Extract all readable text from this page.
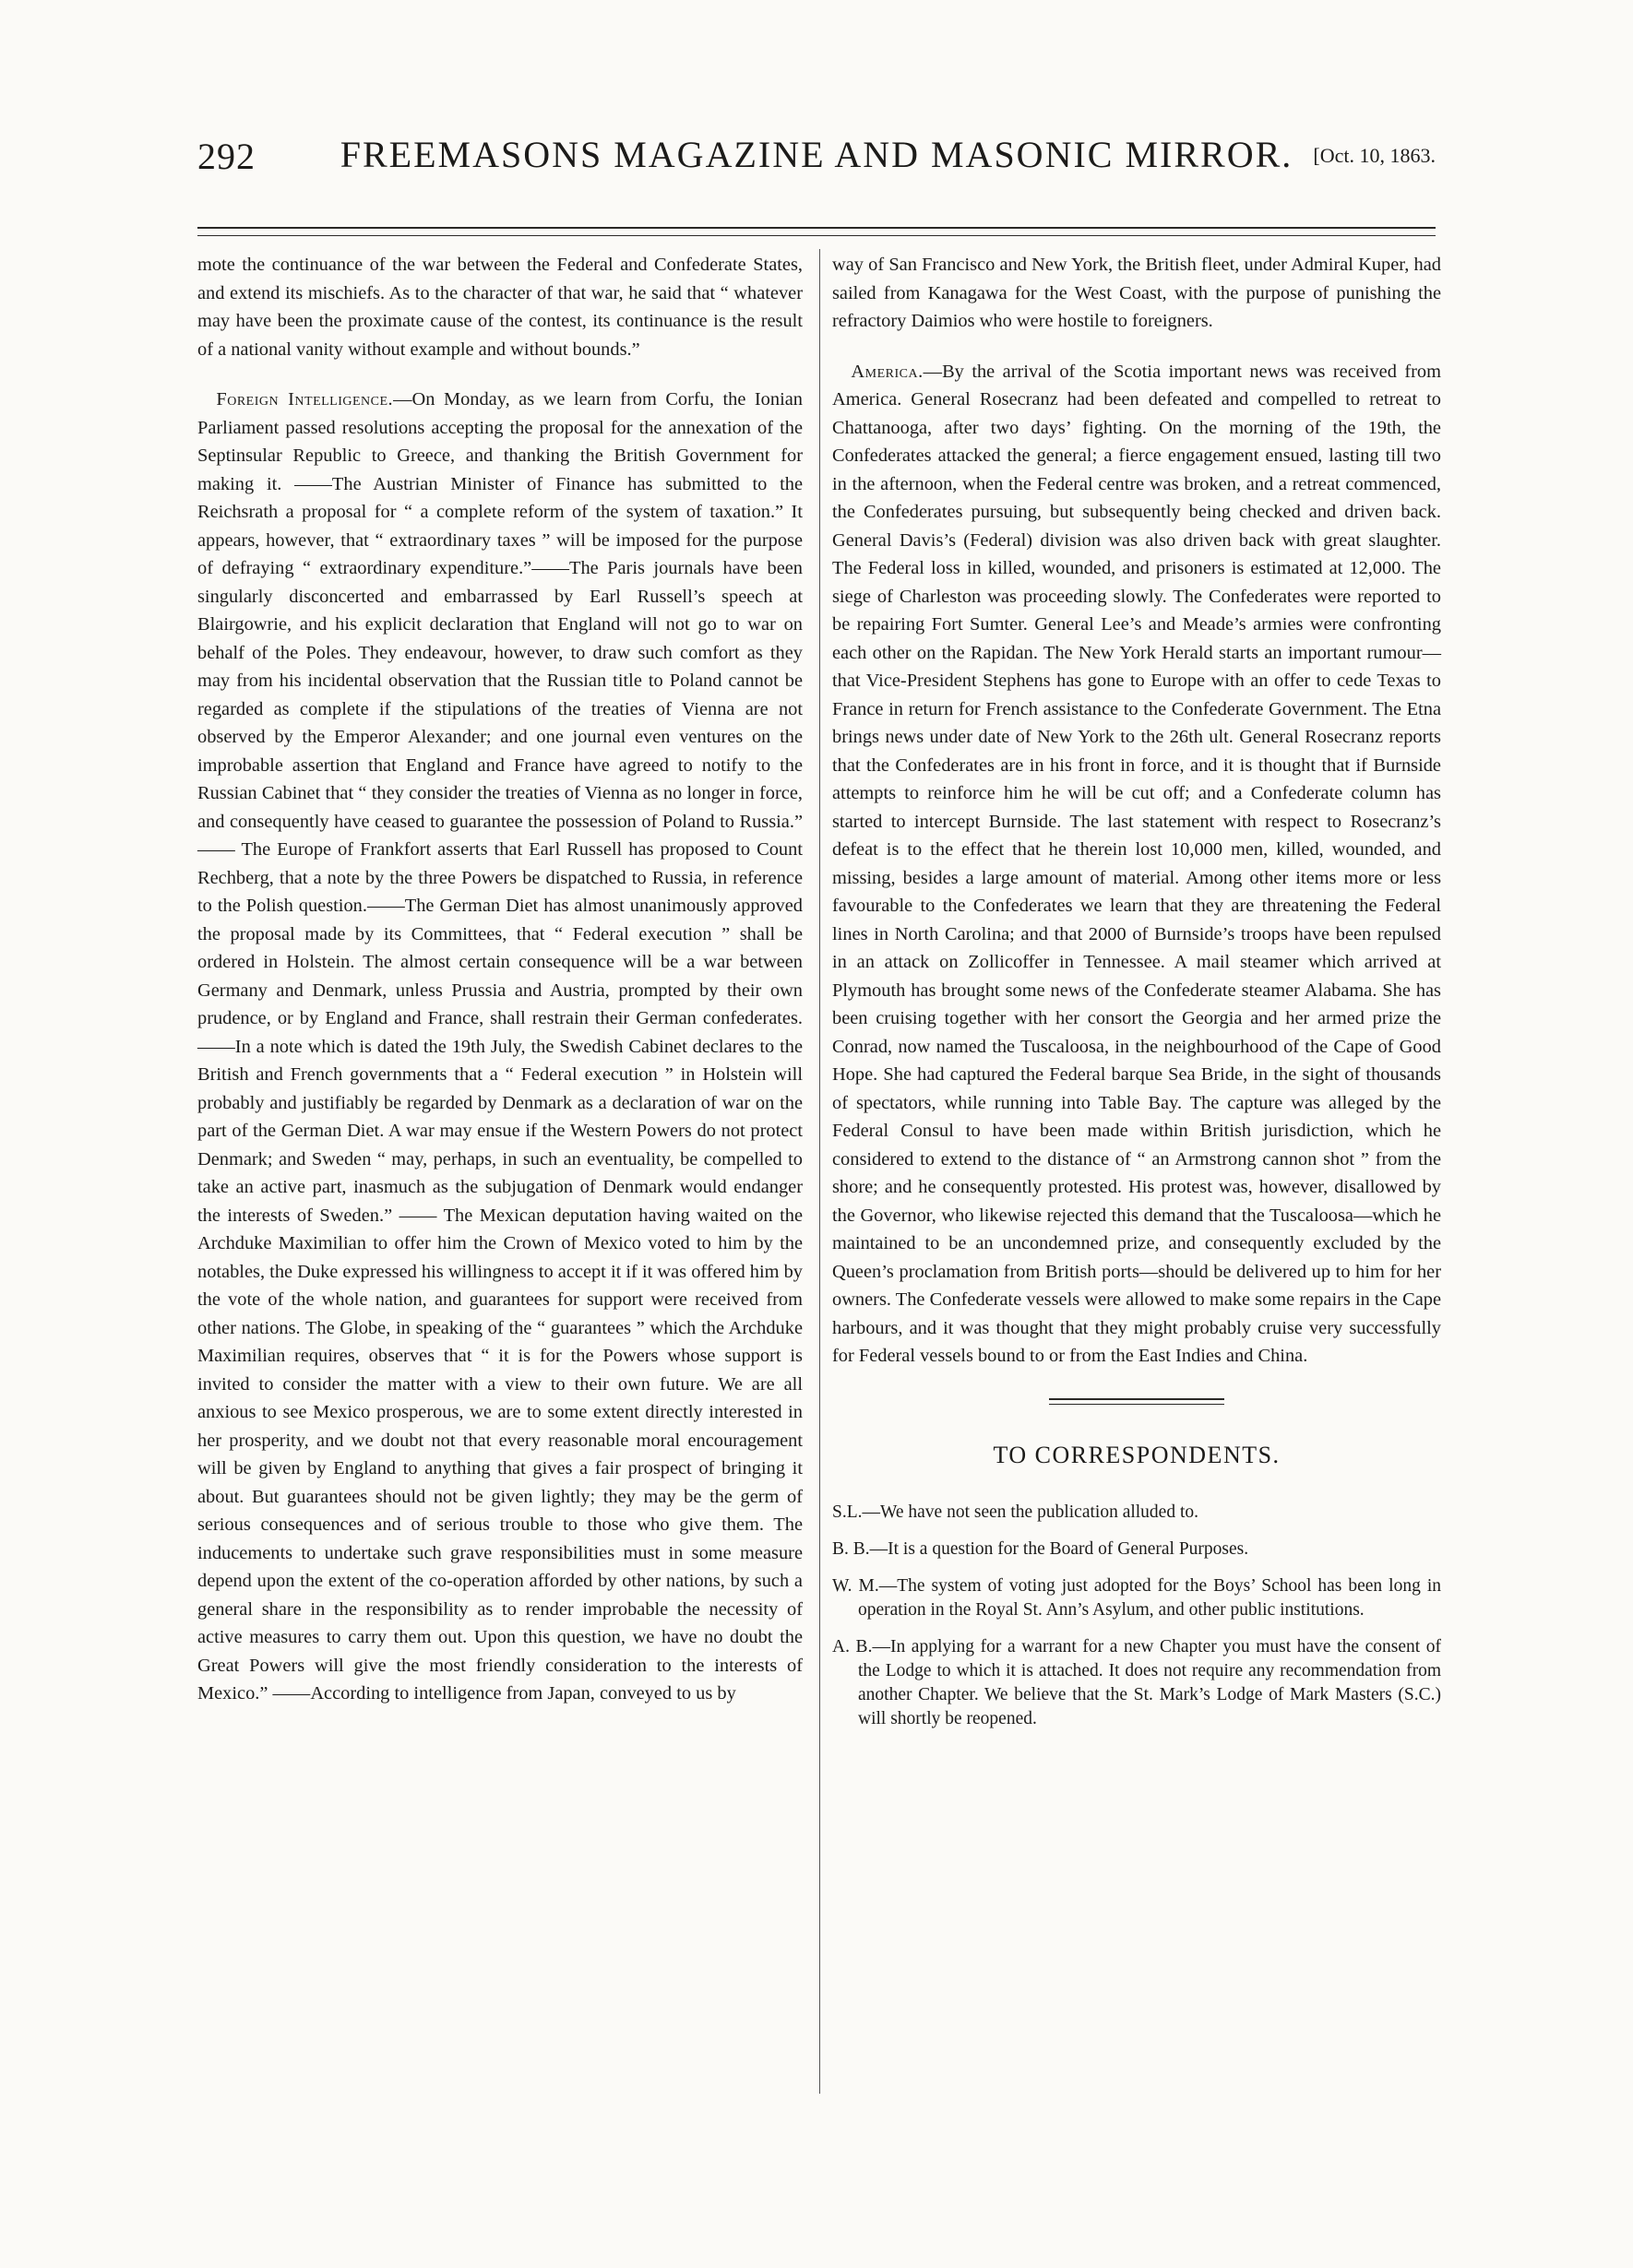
292	FREEMASONS MAGAZINE AND MASONIC MIRROR.	[Oct. 10, 1863.

mote the continuance of the war between the Federal and Confederate States, and extend its mischiefs. As to the character of that war, he said that “ whatever may have been the proximate cause of the contest, its continuance is the result of a national vanity without example and without bounds.”

 Foreign Intelligence.—On Monday, as we learn from Corfu, the Ionian Parliament passed resolutions accepting the proposal for the annexation of the Septinsular Republic to Greece, and thanking the British Government for making it. ——The Austrian Minister of Finance has submitted to the Reichsrath a proposal for “ a complete reform of the system of taxation.” It appears, however, that “ extraordinary taxes ” will be imposed for the purpose of defraying “ extraordinary expenditure.”——The Paris journals have been singularly disconcerted and embarrassed by Earl Russell’s speech at Blairgowrie, and his explicit declaration that England will not go to war on behalf of the Poles. They endeavour, however, to draw such comfort as they may from his incidental observation that the Russian title to Poland cannot be regarded as complete if the stipulations of the treaties of Vienna are not observed by the Emperor Alexander; and one journal even ventures on the improbable assertion that England and France have agreed to notify to the Russian Cabinet that “ they consider the treaties of Vienna as no longer in force, and consequently have ceased to guarantee the possession of Poland to Russia.” —— The Europe of Frankfort asserts that Earl Russell has proposed to Count Rechberg, that a note by the three Powers be dispatched to Russia, in reference to the Polish question.——The German Diet has almost unanimously approved the proposal made by its Committees, that “ Federal execution ” shall be ordered in Holstein. The almost certain consequence will be a war between Germany and Denmark, unless Prussia and Austria, prompted by their own prudence, or by England and France, shall restrain their German confederates.——In a note which is dated the 19th July, the Swedish Cabinet declares to the British and French governments that a “ Federal execution ” in Holstein will probably and justifiably be regarded by Denmark as a declaration of war on the part of the German Diet. A war may ensue if the Western Powers do not protect Denmark; and Sweden “ may, perhaps, in such an eventuality, be compelled to take an active part, inasmuch as the subjugation of Denmark would endanger the interests of Sweden.” —— The Mexican deputation having waited on the Archduke Maximilian to offer him the Crown of Mexico voted to him by the notables, the Duke expressed his willingness to accept it if it was offered him by the vote of the whole nation, and guarantees for support were received from other nations. The Globe, in speaking of the “ guarantees ” which the Archduke Maximilian requires, observes that “ it is for the Powers whose support is invited to consider the matter with a view to their own future. We are all anxious to see Mexico prosperous, we are to some extent directly interested in her prosperity, and we doubt not that every reasonable moral encouragement will be given by England to anything that gives a fair prospect of bringing it about. But guarantees should not be given lightly; they may be the germ of serious consequences and of serious trouble to those who give them. The inducements to undertake such grave responsibilities must in some measure depend upon the extent of the co-operation afforded by other nations, by such a general share in the responsibility as to render improbable the necessity of active measures to carry them out. Upon this question, we have no doubt the Great Powers will give the most friendly consideration to the interests of Mexico.” ——According to intelligence from Japan, conveyed to us by

way of San Francisco and New York, the British fleet, under Admiral Kuper, had sailed from Kanagawa for the West Coast, with the purpose of punishing the refractory Daimios who were hostile to foreigners.

 America.—By the arrival of the Scotia important news was received from America. General Rosecranz had been defeated and compelled to retreat to Chattanooga, after two days’ fighting. On the morning of the 19th, the Confederates attacked the general; a fierce engagement ensued, lasting till two in the afternoon, when the Federal centre was broken, and a retreat commenced, the Confederates pursuing, but subsequently being checked and driven back. General Davis’s (Federal) division was also driven back with great slaughter. The Federal loss in killed, wounded, and prisoners is estimated at 12,000. The siege of Charleston was proceeding slowly. The Confederates were reported to be repairing Fort Sumter. General Lee’s and Meade’s armies were confronting each other on the Rapidan. The New York Herald starts an important rumour—that Vice-President Stephens has gone to Europe with an offer to cede Texas to France in return for French assistance to the Confederate Government. The Etna brings news under date of New York to the 26th ult. General Rosecranz reports that the Confederates are in his front in force, and it is thought that if Burnside attempts to reinforce him he will be cut off; and a Confederate column has started to intercept Burnside. The last statement with respect to Rosecranz’s defeat is to the effect that he therein lost 10,000 men, killed, wounded, and missing, besides a large amount of material. Among other items more or less favourable to the Confederates we learn that they are threatening the Federal lines in North Carolina; and that 2000 of Burnside’s troops have been repulsed in an attack on Zollicoffer in Tennessee. A mail steamer which arrived at Plymouth has brought some news of the Confederate steamer Alabama. She has been cruising together with her consort the Georgia and her armed prize the Conrad, now named the Tuscaloosa, in the neighbourhood of the Cape of Good Hope. She had captured the Federal barque Sea Bride, in the sight of thousands of spectators, while running into Table Bay. The capture was alleged by the Federal Consul to have been made within British jurisdiction, which he considered to extend to the distance of “ an Armstrong cannon shot ” from the shore; and he consequently protested. His protest was, however, disallowed by the Governor, who likewise rejected this demand that the Tuscaloosa—which he maintained to be an uncondemned prize, and consequently excluded by the Queen’s proclamation from British ports—should be delivered up to him for her owners. The Confederate vessels were allowed to make some repairs in the Cape harbours, and it was thought that they might probably cruise very successfully for Federal vessels bound to or from the East Indies and China.

TO CORRESPONDENTS.

S.L.—We have not seen the publication alluded to.

B. B.—It is a question for the Board of General Purposes.

W. M.—The system of voting just adopted for the Boys’ School has been long in operation in the Royal St. Ann’s Asylum, and other public institutions.

A. B.—In applying for a warrant for a new Chapter you must have the consent of the Lodge to which it is attached. It does not require any recommendation from another Chapter. We believe that the St. Mark’s Lodge of Mark Masters (S.C.) will shortly be reopened.
